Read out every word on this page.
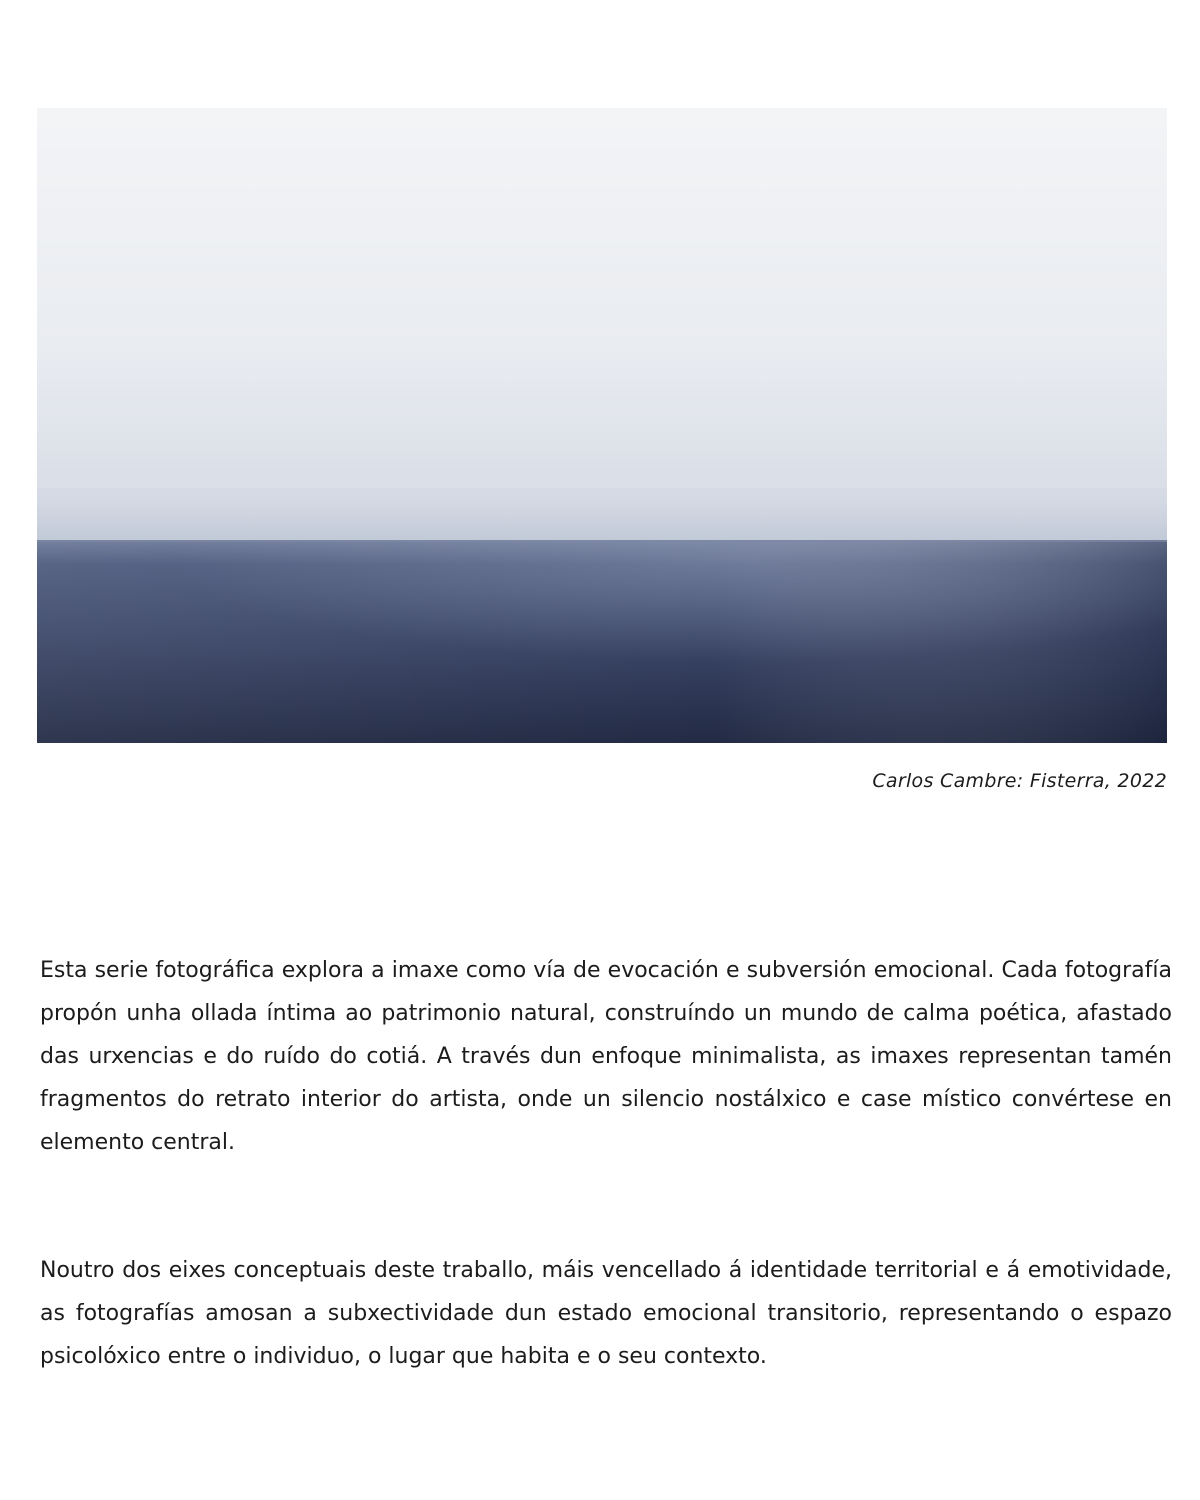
Carlos Cambre: Fisterra, 2022

Esta serie fotográfica explora a imaxe como vía de evocación e subversión emocional. Cada fotografía propón unha ollada íntima ao patrimonio natural, construíndo un mundo de calma poética, afastado das urxencias e do ruído do cotiá. A través dun enfoque minimalista, as imaxes representan tamén fragmentos do retrato interior do artista, onde un silencio nostálxico e case místico convértese en elemento central.

Noutro dos eixes conceptuais deste traballo, máis vencellado á identidade territorial e á emotividade, as fotografías amosan a subxectividade dun estado emocional transitorio, representando o espazo psicolóxico entre o individuo, o lugar que habita e o seu contexto.
